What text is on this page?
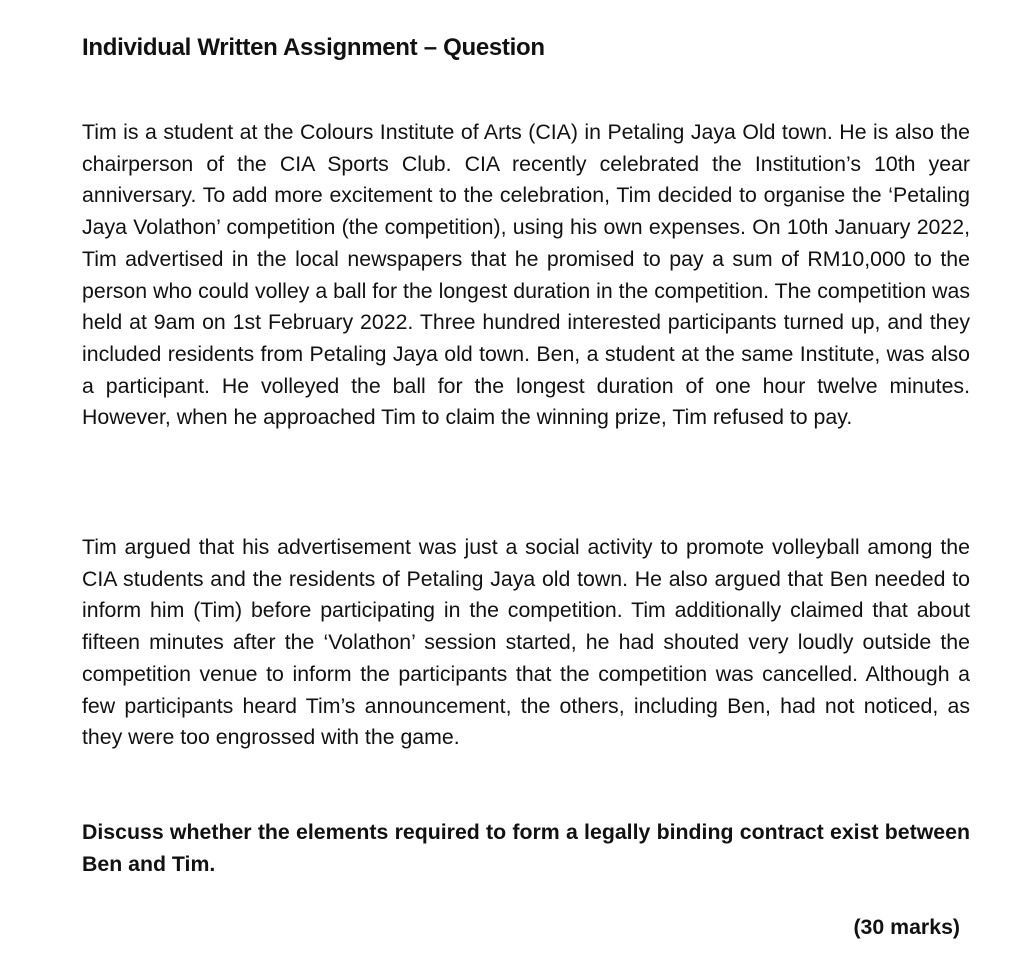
Individual Written Assignment – Question

Tim is a student at the Colours Institute of Arts (CIA) in Petaling Jaya Old town. He is also the chairperson of the CIA Sports Club. CIA recently celebrated the Institution’s 10th year anniversary. To add more excitement to the celebration, Tim decided to organise the ‘Petaling Jaya Volathon’ competition (the competition), using his own expenses. On 10th January 2022, Tim advertised in the local newspapers that he promised to pay a sum of RM10,000 to the person who could volley a ball for the longest duration in the competition. The competition was held at 9am on 1st February 2022. Three hundred interested participants turned up, and they included residents from Petaling Jaya old town. Ben, a student at the same Institute, was also a participant. He volleyed the ball for the longest duration of one hour twelve minutes. However, when he approached Tim to claim the winning prize, Tim refused to pay.

Tim argued that his advertisement was just a social activity to promote volleyball among the CIA students and the residents of Petaling Jaya old town. He also argued that Ben needed to inform him (Tim) before participating in the competition. Tim additionally claimed that about fifteen minutes after the ‘Volathon’ session started, he had shouted very loudly outside the competition venue to inform the participants that the competition was cancelled. Although a few participants heard Tim’s announcement, the others, including Ben, had not noticed, as they were too engrossed with the game.

Discuss whether the elements required to form a legally binding contract exist between Ben and Tim.

(30 marks)
